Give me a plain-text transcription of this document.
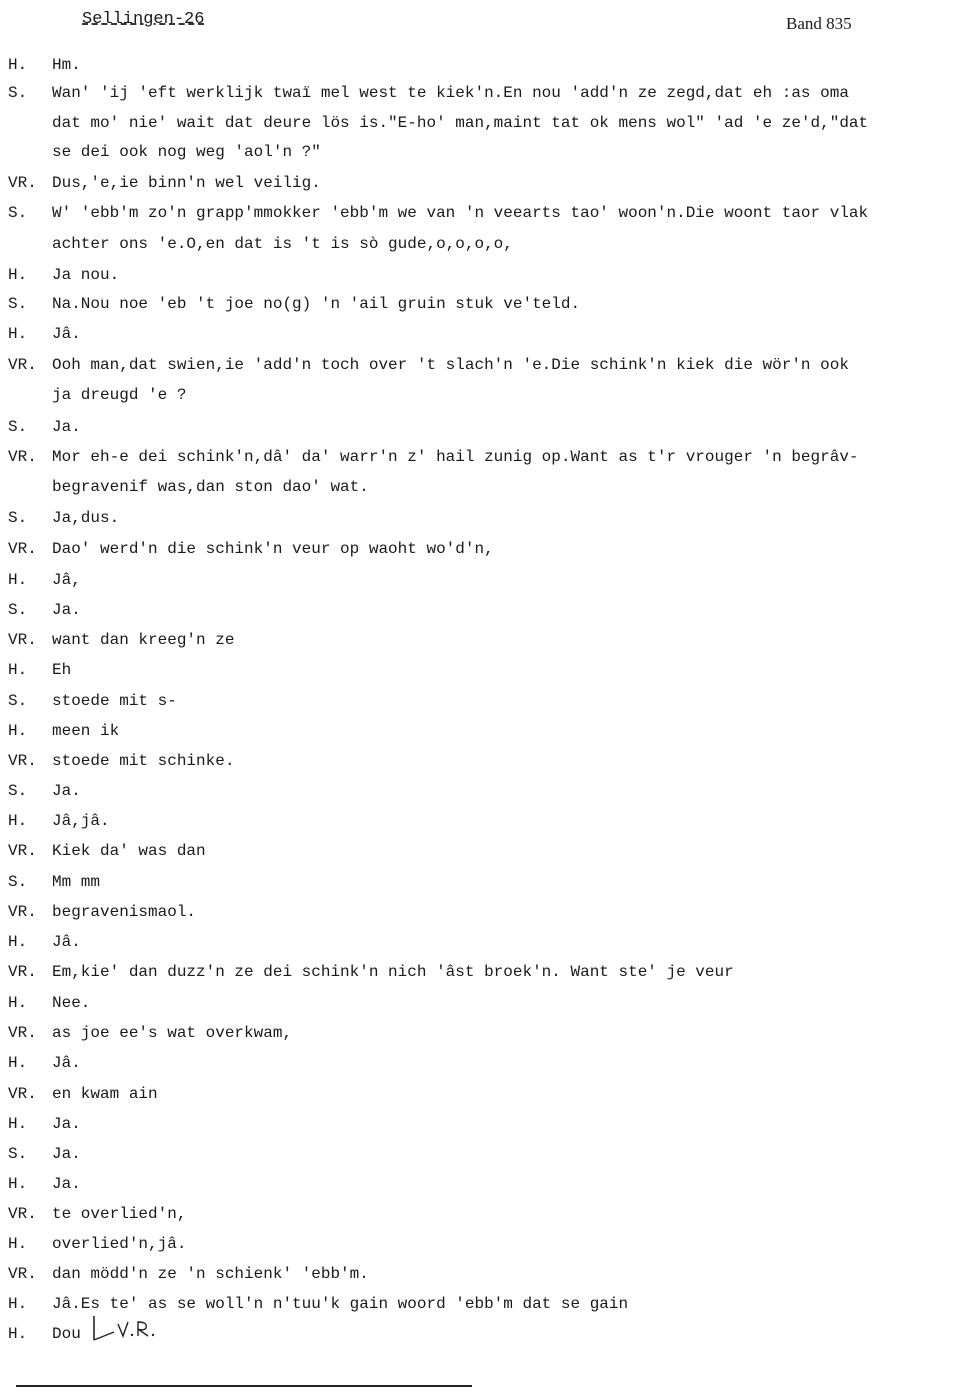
Sellingen-26	Band 835
H.	Hm.
S.	Wan' 'ij 'eft werklijk twaï mel west te kiek'n.En nou 'add'n ze zegd,dat eh :as oma
dat mo' nie' wait dat deure lös is."E-ho' man,maint tat ok mens wol" 'ad 'e ze'd,"dat
se dei ook nog weg 'aol'n ?"
VR. Dus,'e,ie binn'n wel veilig.
S.	W' 'ebb'm zo'n grapp'mmokker 'ebb'm we van 'n veearts tao' woon'n.Die woont taor vlak
achter ons 'e.O,en dat is 't is sò gude,o,o,o,o,
H.	Ja nou.
S.	Na.Nou noe 'eb 't joe no(g) 'n 'ail gruin stuk ve'teld.
H.	Jâ.
VR. Ooh man,dat swien,ie 'add'n toch over 't slach'n 'e.Die schink'n kiek die wör'n ook
ja dreugd 'e ?
S.	Ja.
VR. Mor eh-e dei schink'n,dâ' da' warr'n z' hail zunig op.Want as t'r vrouger 'n begrâv-
begravenif was,dan ston dao' wat.
S.	Ja,dus.
VR. Dao' werd'n die schink'n veur op waoht wo'd'n,
H.	Jâ,
S.	Ja.
VR. want dan kreeg'n ze
H.	Eh
S.	stoede mit s-
H.	meen ik
VR. stoede mit schinke.
S.	Ja.
H.	Jâ,jâ.
VR. Kiek da' was dan
S.	Mm mm
VR. begravenismaol.
H.	Jâ.
VR. Em,kie' dan duzz'n ze dei schink'n nich 'âst broek'n. Want ste' je veur
H.	Nee.
VR. as joe ee's wat overkwam,
H.	Jâ.
VR. en kwam ain
H.	Ja.
S.	Ja.
H.	Ja.
VR. te overlied'n,
H.	overlied'n,jâ.
VR. dan mödd'n ze 'n schienk' 'ebb'm.
H.	Jâ.Es te' as se woll'n n'tuu'k gain woord 'ebb'm dat se gain
H.	Dou
